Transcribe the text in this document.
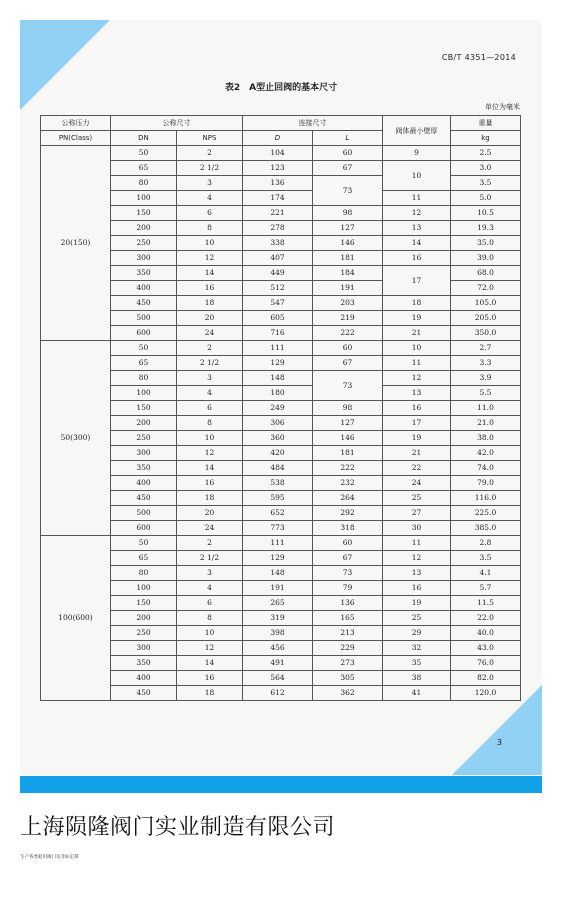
CB/T 4351—2014
表2　A型止回阀的基本尺寸
单位为毫米
公称压力	公称尺寸		连接尺寸		阀体最小壁厚	重量
PN(Class)	DN	NPS	D	L		kg
20(150)	50	2	104	60	9	2.5
	65	2 1/2	123	67	10	3.0
	80	3	136	73		3.5
	100	4	174		11	5.0
	150	6	221	98	12	10.5
	200	8	278	127	13	19.3
	250	10	338	146	14	35.0
	300	12	407	181	16	39.0
	350	14	449	184	17	68.0
	400	16	512	191		72.0
	450	18	547	203	18	105.0
	500	20	605	219	19	205.0
	600	24	716	222	21	350.0
50(300)	50	2	111	60	10	2.7
	65	2 1/2	129	67	11	3.3
	80	3	148	73	12	3.9
	100	4	180		13	5.5
	150	6	249	98	16	11.0
	200	8	306	127	17	21.0
	250	10	360	146	19	38.0
	300	12	420	181	21	42.0
	350	14	484	222	22	74.0
	400	16	538	232	24	79.0
	450	18	595	264	25	116.0
	500	20	652	292	27	225.0
	600	24	773	318	30	385.0
100(600)	50	2	111	60	11	2.8
	65	2 1/2	129	67	12	3.5
	80	3	148	73	13	4.1
	100	4	191	79	16	5.7
	150	6	265	136	19	11.5
	200	8	319	165	25	22.0
	250	10	398	213	29	40.0
	300	12	456	229	32	43.0
	350	14	491	273	35	76.0
	400	16	564	305	38	82.0
	450	18	612	362	41	120.0
3
上海陨隆阀门实业制造有限公司
生产各类船用阀门及非标定制
